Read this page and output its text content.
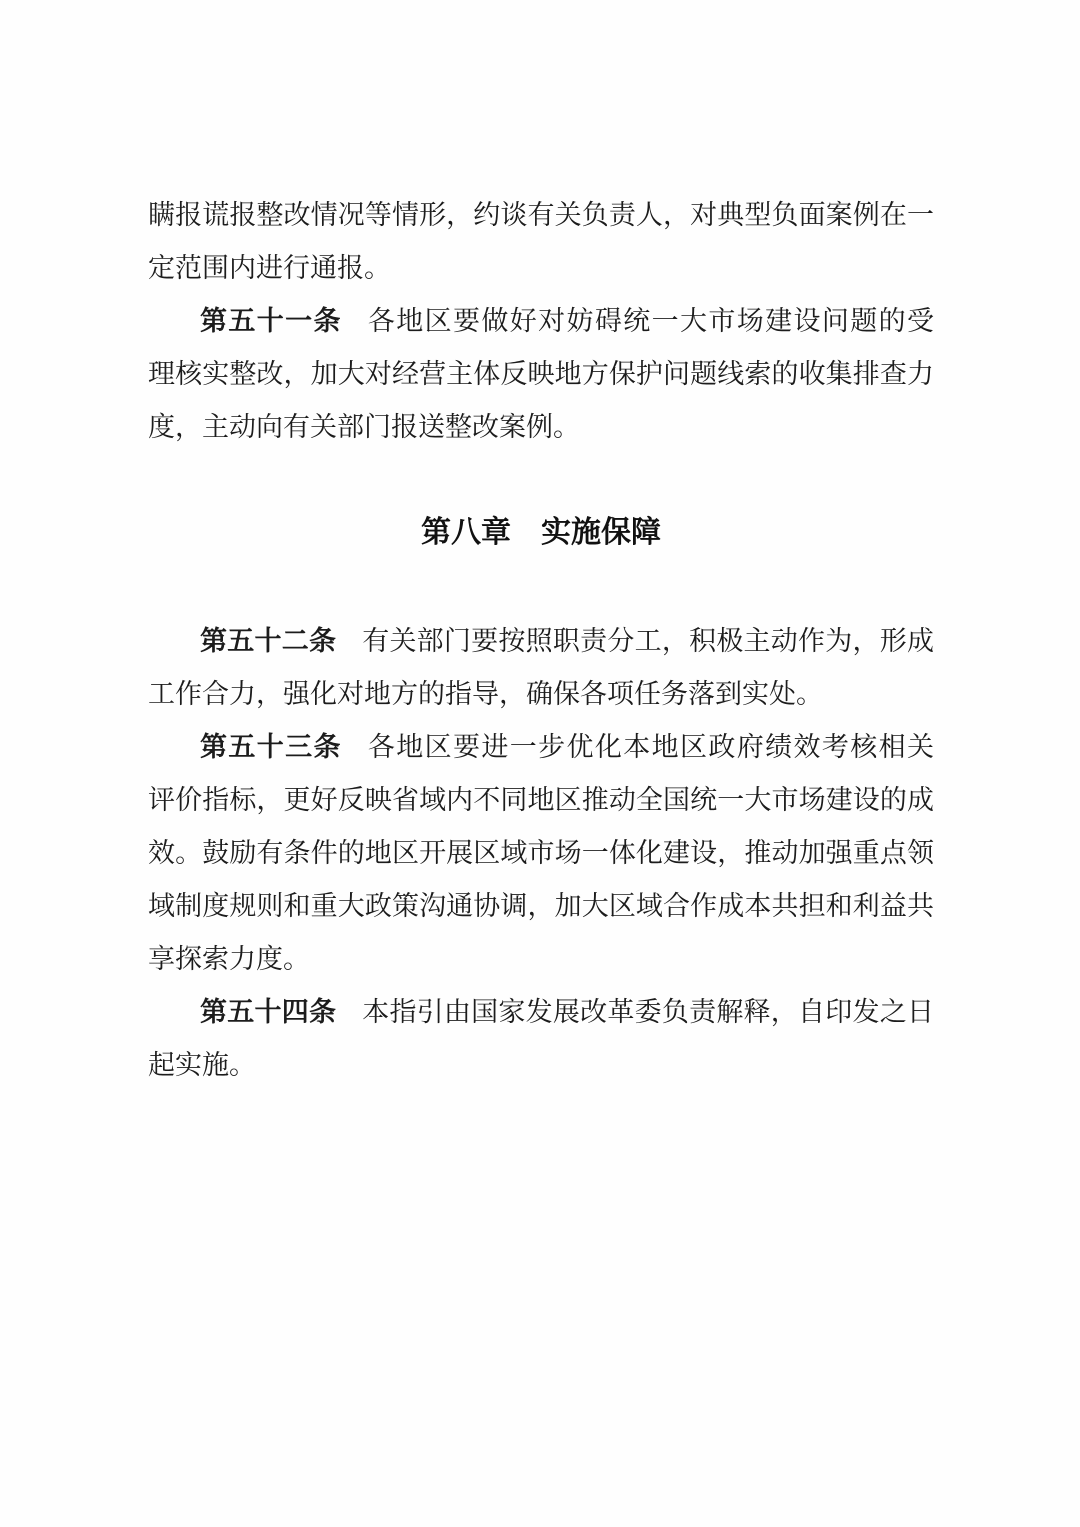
瞒报谎报整改情况等情形，约谈有关负责人，对典型负面案例在一
定范围内进行通报。
第五十一条 各地区要做好对妨碍统一大市场建设问题的受
理核实整改，加大对经营主体反映地方保护问题线索的收集排查力
度，主动向有关部门报送整改案例。
第八章 实施保障
第五十二条 有关部门要按照职责分工，积极主动作为，形成
工作合力，强化对地方的指导，确保各项任务落到实处。
第五十三条 各地区要进一步优化本地区政府绩效考核相关
评价指标，更好反映省域内不同地区推动全国统一大市场建设的成
效。鼓励有条件的地区开展区域市场一体化建设，推动加强重点领
域制度规则和重大政策沟通协调，加大区域合作成本共担和利益共
享探索力度。
第五十四条 本指引由国家发展改革委负责解释，自印发之日
起实施。
